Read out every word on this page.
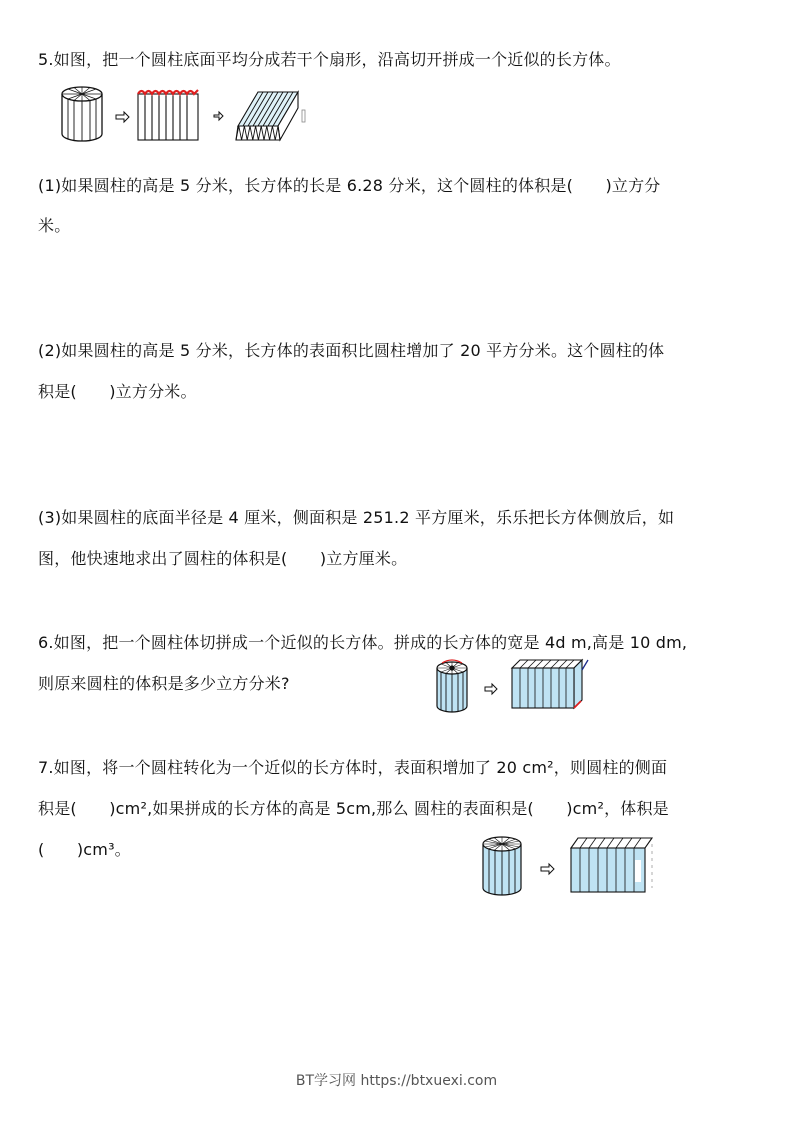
5.如图，把一个圆柱底面平均分成若干个扇形，沿高切开拼成一个近似的长方体。
(1)如果圆柱的高是 5 分米，长方体的长是 6.28 分米，这个圆柱的体积是(　　)立方分
米。
(2)如果圆柱的高是 5 分米，长方体的表面积比圆柱增加了 20 平方分米。这个圆柱的体
积是(　　)立方分米。
(3)如果圆柱的底面半径是 4 厘米，侧面积是 251.2 平方厘米，乐乐把长方体侧放后，如
图，他快速地求出了圆柱的体积是(　　)立方厘米。
6.如图，把一个圆柱体切拼成一个近似的长方体。拼成的长方体的宽是 4d m,高是 10 dm,
则原来圆柱的体积是多少立方分米?
7.如图，将一个圆柱转化为一个近似的长方体时，表面积增加了 20 cm²，则圆柱的侧面
积是(　　)cm²,如果拼成的长方体的高是 5cm,那么 圆柱的表面积是(　　)cm²，体积是
(　　)cm³。
BT学习网 https://btxuexi.com
